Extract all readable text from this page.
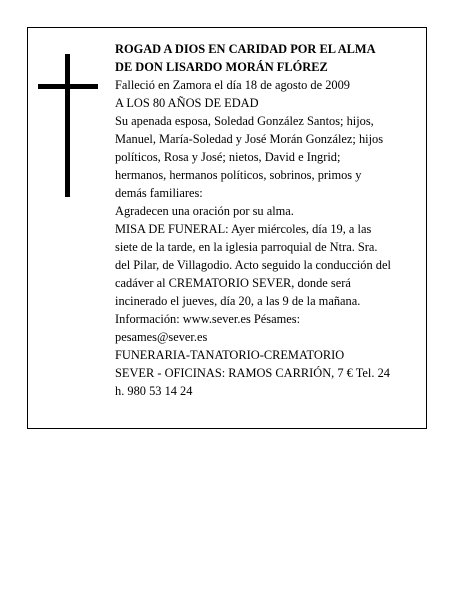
ROGAD A DIOS EN CARIDAD POR EL ALMA
DE DON LISARDO MORÁN FLÓREZ

Falleció en Zamora el día 18 de agosto de 2009

A LOS 80 AÑOS DE EDAD

Su apenada esposa, Soledad González Santos; hijos,
Manuel, María-Soledad y José Morán González; hijos
políticos, Rosa y José; nietos, David e Ingrid;
hermanos, hermanos políticos, sobrinos, primos y
demás familiares:

Agradecen una oración por su alma.

MISA DE FUNERAL: Ayer miércoles, día 19, a las
siete de la tarde, en la iglesia parroquial de Ntra. Sra.
del Pilar, de Villagodio. Acto seguido la conducción del
cadáver al CREMATORIO SEVER, donde será
incinerado el jueves, día 20, a las 9 de la mañana.

Información: www.sever.es Pésames:
pesames@sever.es

FUNERARIA-TANATORIO-CREMATORIO
SEVER - OFICINAS: RAMOS CARRIÓN, 7 € Tel. 24
h. 980 53 14 24
